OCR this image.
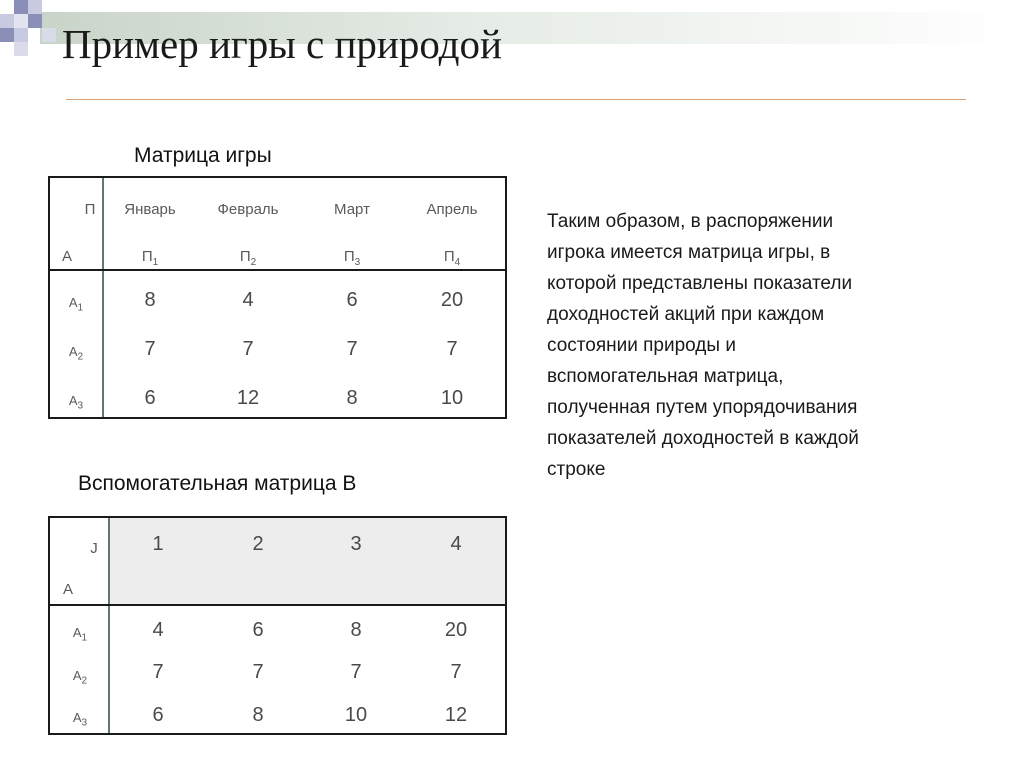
Пример игры с природой
Матрица игры
П
А
Январь	Февраль	Март	Апрель
$П_1$	$П_2$	$П_3$	$П_4$
$А_1$	8	4	6	20
$А_2$	7	7	7	7
$А_3$	6	12	8	10
Вспомогательная матрица В
J
А
1	2	3	4
$А_1$	4	6	8	20
$А_2$	7	7	7	7
$А_3$	6	8	10	12

Таким образом, в распоряжении
игрока имеется матрица игры, в
которой представлены показатели
доходностей акций при каждом
состоянии природы и
вспомогательная матрица,
полученная путем упорядочивания
показателей доходностей в каждой
строке
